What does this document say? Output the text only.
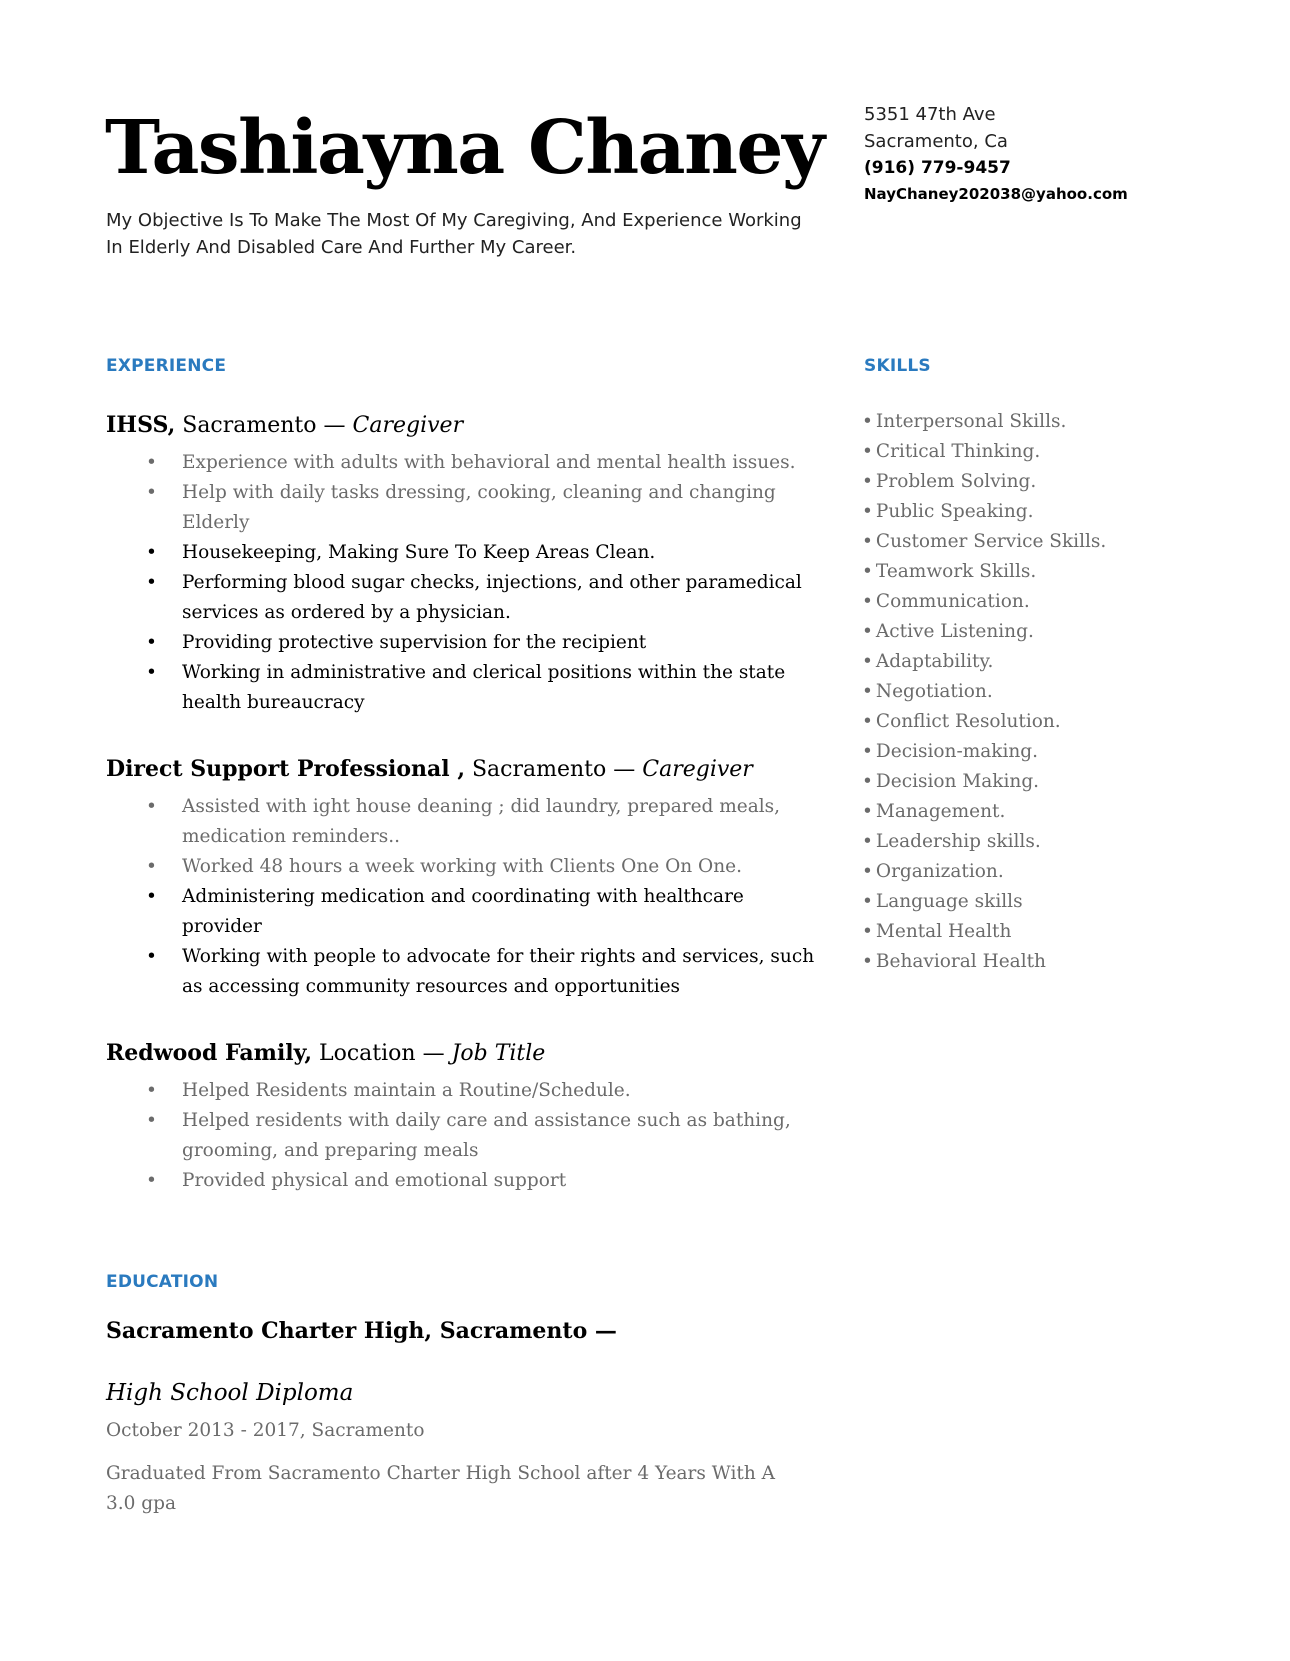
Tashiayna Chaney
My Objective Is To Make The Most Of My Caregiving, And Experience Working In Elderly And Disabled Care And Further My Career.
5351 47th Ave
Sacramento, Ca
(916) 779-9457
NayChaney202038@yahoo.com
EXPERIENCE	SKILLS
EDUCATION
IHSS, Sacramento — Caregiver
• Experience with adults with behavioral and mental health issues.
• Help with daily tasks dressing, cooking, cleaning and changing Elderly
• Housekeeping, Making Sure To Keep Areas Clean.
• Performing blood sugar checks, injections, and other paramedical services as ordered by a physician.
• Providing protective supervision for the recipient
• Working in administrative and clerical positions within the state health bureaucracy
Direct Support Professional , Sacramento — Caregiver
• Assisted with ight house deaning ; did laundry, prepared meals, medication reminders..
• Worked 48 hours a week working with Clients One On One.
• Administering medication and coordinating with healthcare provider
• Working with people to advocate for their rights and services, such as accessing community resources and opportunities
Redwood Family, Location — Job Title
• Helped Residents maintain a Routine/Schedule.
• Helped residents with daily care and assistance such as bathing, grooming, and preparing meals
• Provided physical and emotional support
• Interpersonal Skills.
• Critical Thinking.
• Problem Solving.
• Public Speaking.
• Customer Service Skills.
• Teamwork Skills.
• Communication.
• Active Listening.
• Adaptability.
• Negotiation.
• Conflict Resolution.
• Decision-making.
• Decision Making.
• Management.
• Leadership skills.
• Organization.
• Language skills
• Mental Health
• Behavioral Health
Sacramento Charter High, Sacramento —
High School Diploma
October 2013 - 2017, Sacramento
Graduated From Sacramento Charter High School after 4 Years With A 3.0 gpa
